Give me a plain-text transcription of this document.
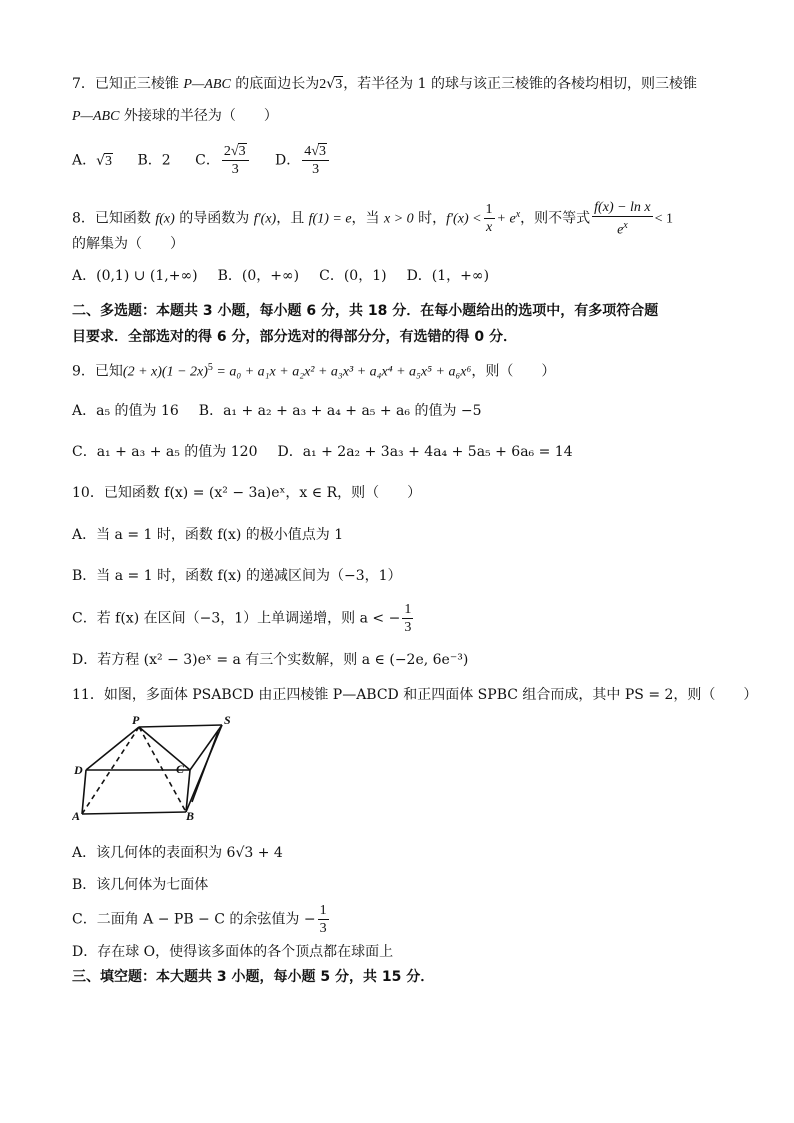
7．已知正三棱锥 P—ABC 的底面边长为2√3，若半径为 1 的球与该正三棱锥的各棱均相切，则三棱锥
P—ABC 外接球的半径为（　　）
A．√3 B．2 C． $\frac{2√3}{3}$ D． $\frac{4√3}{3}$
8．已知函数 f(x) 的导函数为 f′(x)，且 f(1) = e，当 x > 0 时，$f'(x) < \frac{1}{x} + e^x$，则不等式 $\frac{\text{f(x) − ln x}}{e^x} < 1$
的解集为（　　）
A．(0,1) ∪ (1,+∞) B．(0，+∞) C．(0，1) D．(1，+∞)
二、多选题：本题共 3 小题，每小题 6 分，共 18 分．在每小题给出的选项中，有多项符合题
目要求．全部选对的得 6 分，部分选对的得部分分，有选错的得 0 分．
9．已知$(2 + x)(1 - 2x)^5 = a_0 + a_1x + a_2x^2 + a_3x^3 + a_4x^4 + a_5x^5 + a_6x^6$，则（　　）
A．a₅ 的值为 16 B．a₁ + a₂ + a₃ + a₄ + a₅ + a₆ 的值为 −5
C．a₁ + a₃ + a₅ 的值为 120 D．a₁ + 2a₂ + 3a₃ + 4a₄ + 5a₅ + 6a₆ = 14
10．已知函数 f(x) = (x² − 3a)eˣ，x ∈ R，则（　　）
A．当 a = 1 时，函数 f(x) 的极小值点为 1
B．当 a = 1 时，函数 f(x) 的递减区间为（−3，1）
C．若 f(x) 在区间（−3，1）上单调递增，则 a < − $\frac{1}{3}$
D．若方程 (x² − 3)eˣ = a 有三个实数解，则 a ∈ (−2e, 6e⁻³)
11．如图，多面体 PSABCD 由正四棱锥 P—ABCD 和正四面体 SPBC 组合而成，其中 PS = 2，则（　　）
P	S
D	C
A	B
A．该几何体的表面积为 6√3 + 4
B．该几何体为七面体
C．二面角 A − PB − C 的余弦值为 − $\frac{1}{3}$
D．存在球 O，使得该多面体的各个顶点都在球面上
三、填空题：本大题共 3 小题，每小题 5 分，共 15 分．
